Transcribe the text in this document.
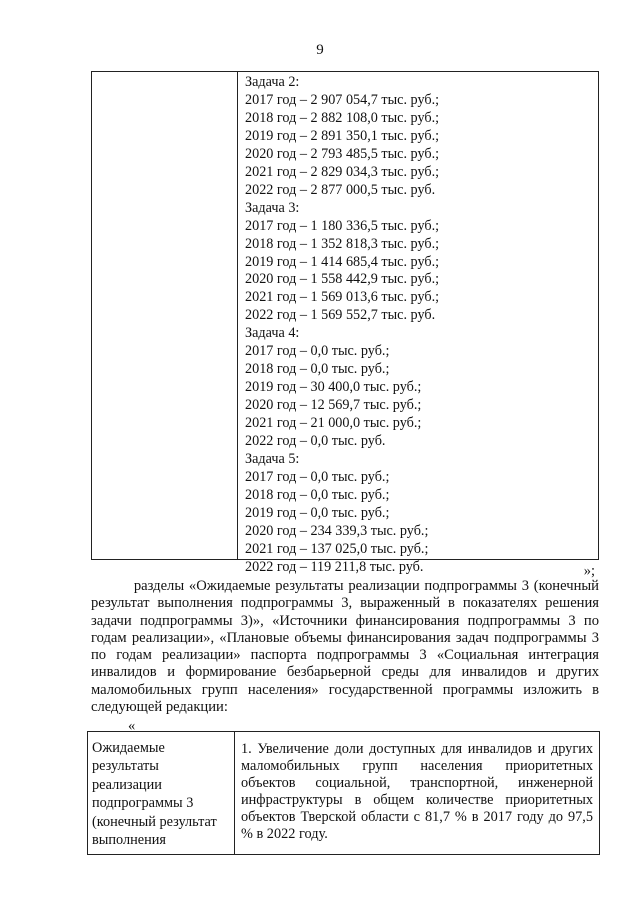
9
Задача 2:
2017 год – 2 907 054,7 тыс. руб.;
2018 год – 2 882 108,0 тыс. руб.;
2019 год – 2 891 350,1 тыс. руб.;
2020 год – 2 793 485,5 тыс. руб.;
2021 год – 2 829 034,3 тыс. руб.;
2022 год – 2 877 000,5 тыс. руб.
Задача 3:
2017 год – 1 180 336,5 тыс. руб.;
2018 год – 1 352 818,3 тыс. руб.;
2019 год – 1 414 685,4 тыс. руб.;
2020 год – 1 558 442,9 тыс. руб.;
2021 год – 1 569 013,6 тыс. руб.;
2022 год – 1 569 552,7 тыс. руб.
Задача 4:
2017 год – 0,0 тыс. руб.;
2018 год – 0,0 тыс. руб.;
2019 год – 30 400,0 тыс. руб.;
2020 год – 12 569,7 тыс. руб.;
2021 год – 21 000,0 тыс. руб.;
2022 год – 0,0 тыс. руб.
Задача 5:
2017 год – 0,0 тыс. руб.;
2018 год – 0,0 тыс. руб.;
2019 год – 0,0 тыс. руб.;
2020 год – 234 339,3 тыс. руб.;
2021 год – 137 025,0 тыс. руб.;
2022 год – 119 211,8 тыс. руб.	»;
разделы «Ожидаемые результаты реализации подпрограммы 3 (конечный результат выполнения подпрограммы 3, выраженный в показателях решения задачи подпрограммы 3)», «Источники финансирования подпрограммы 3 по годам реализации», «Плановые объемы финансирования задач подпрограммы 3 по годам реализации» паспорта подпрограммы 3 «Социальная интеграция инвалидов и формирование безбарьерной среды для инвалидов и других маломобильных групп населения» государственной программы изложить в следующей редакции:
«
Ожидаемые
результаты
реализации
подпрограммы 3
(конечный результат
выполнения
1. Увеличение доли доступных для инвалидов и других маломобильных групп населения приоритетных объектов социальной, транспортной, инженерной инфраструктуры в общем количестве приоритетных объектов Тверской области с 81,7 % в 2017 году до 97,5 % в 2022 году.
